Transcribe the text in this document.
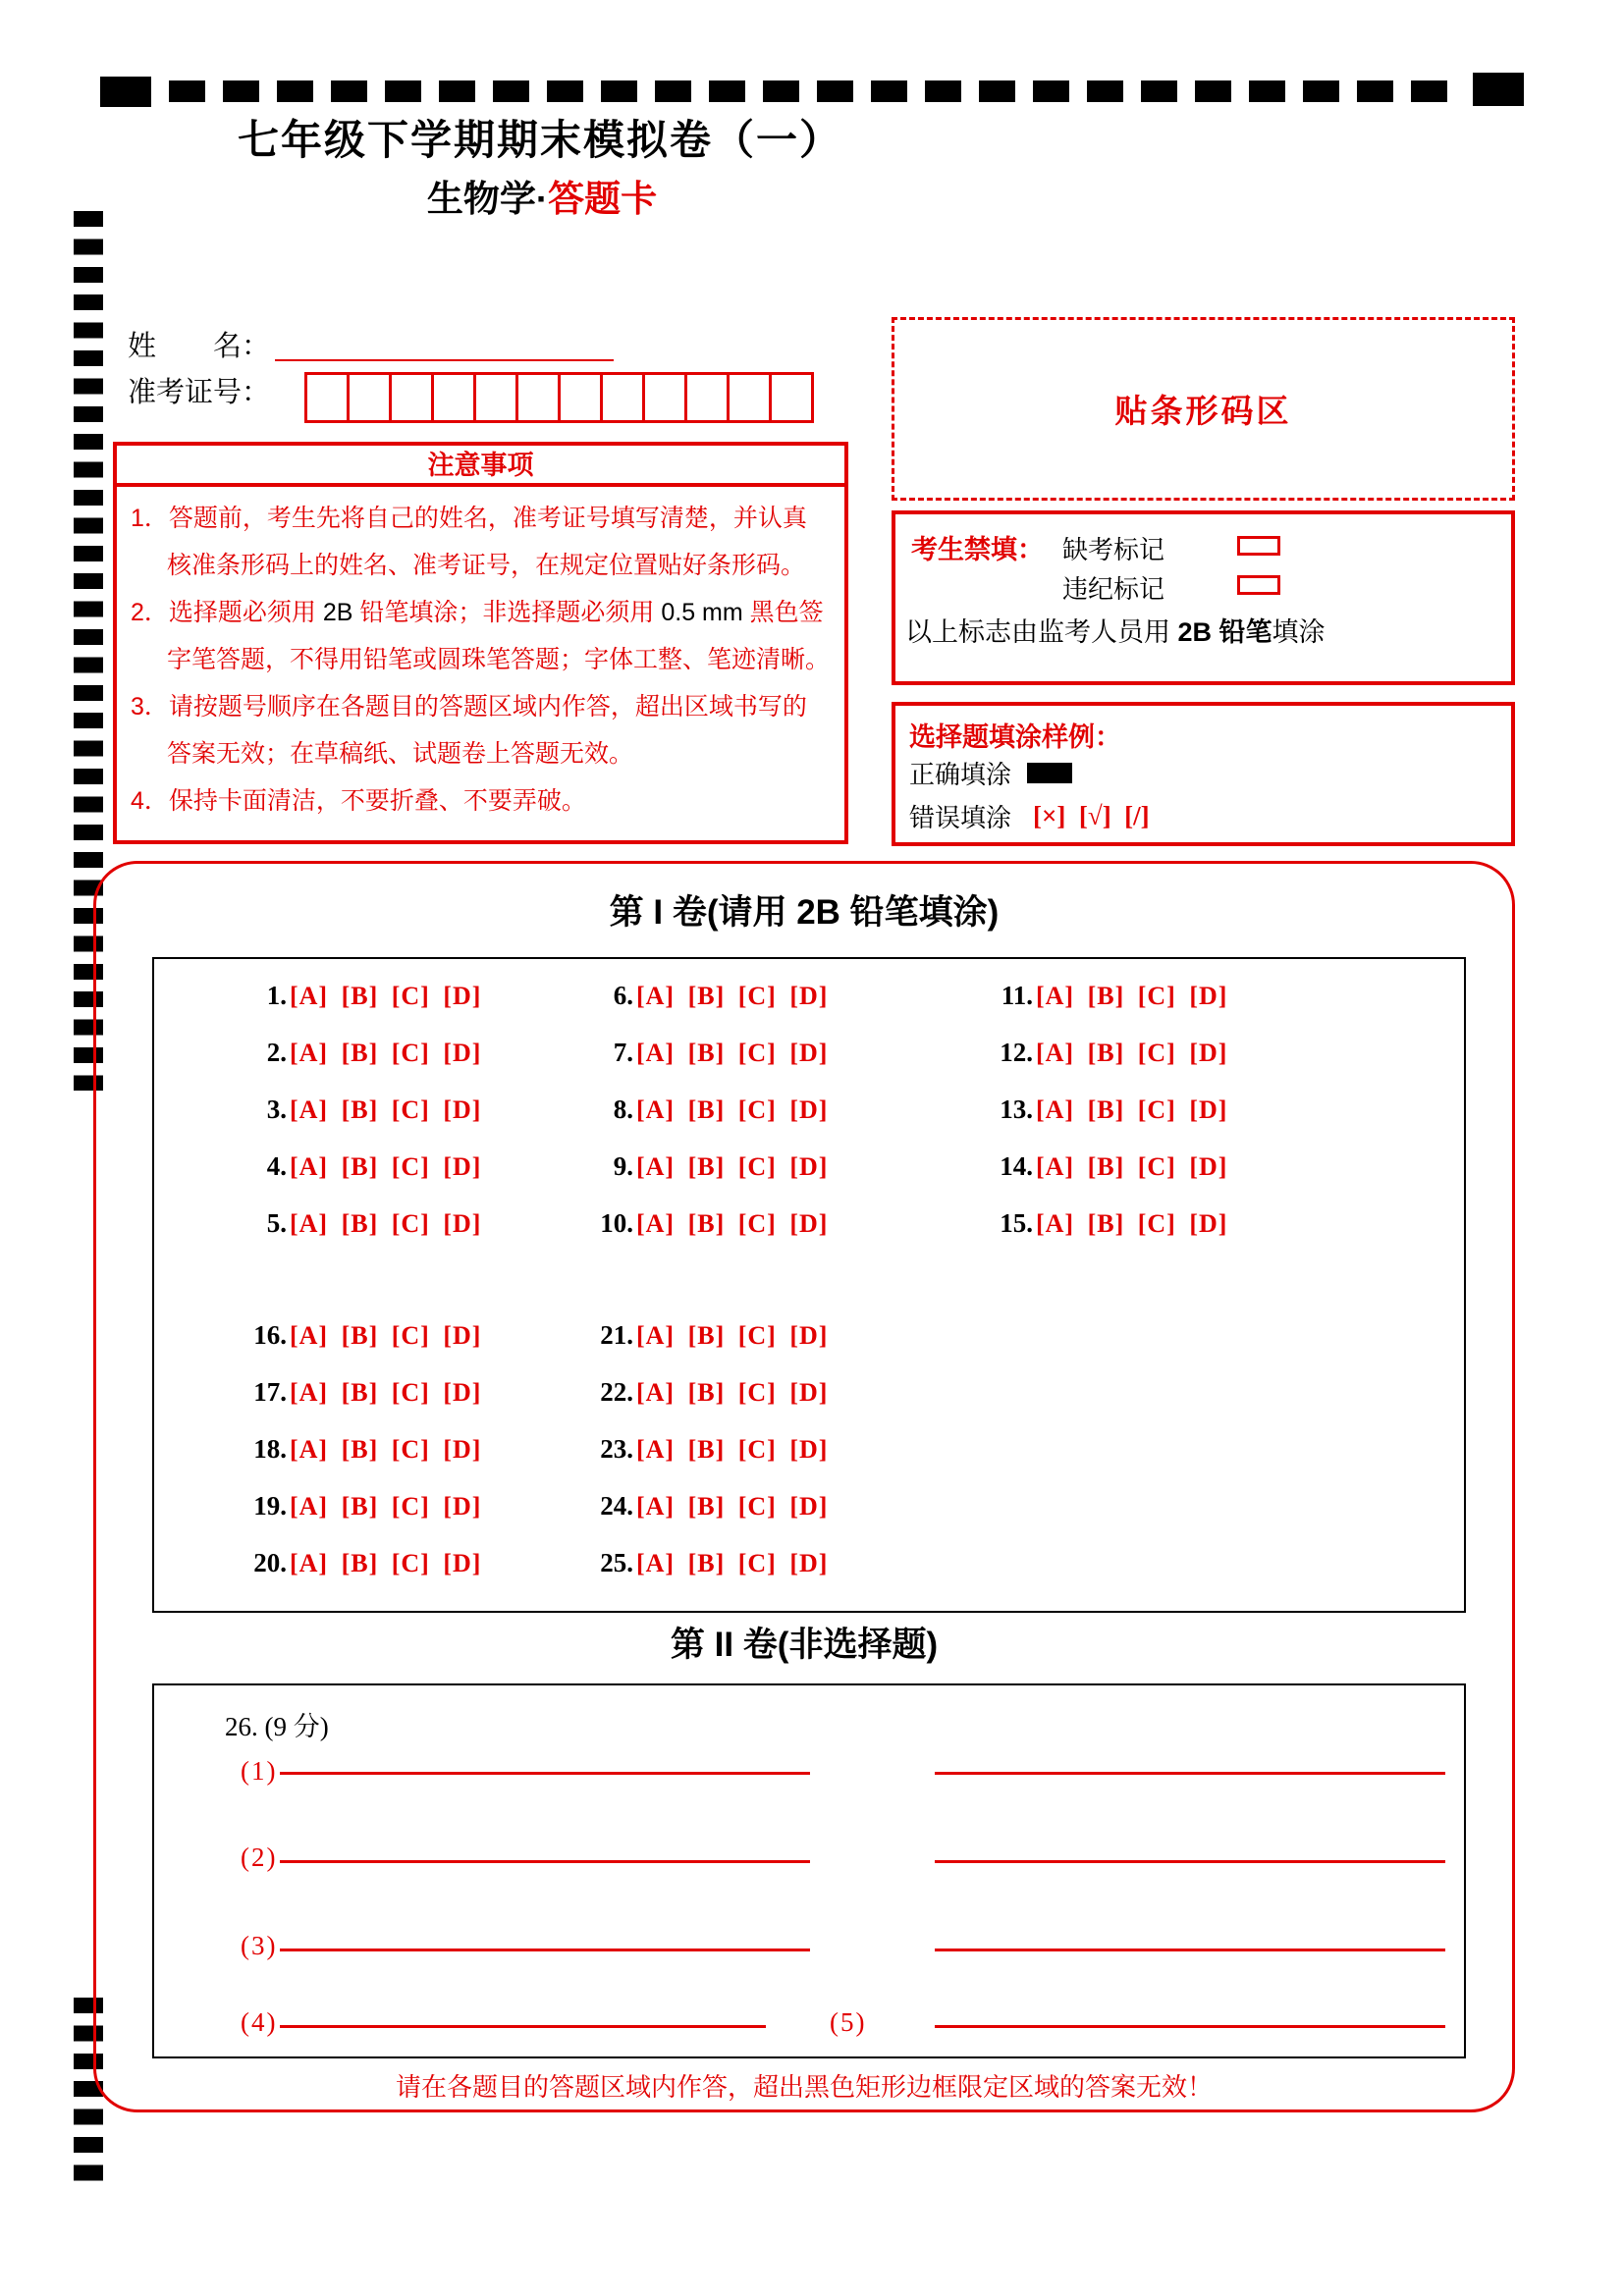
七年级下学期期末模拟卷（一）
生物学·答题卡
姓　　名：
准考证号：
注意事项
1．答题前，考生先将自己的姓名，准考证号填写清楚，并认真核准条形码上的姓名、准考证号，在规定位置贴好条形码。
2．选择题必须用 2B 铅笔填涂；非选择题必须用 0.5 mm 黑色签字笔答题，不得用铅笔或圆珠笔答题；字体工整、笔迹清晰。
3．请按题号顺序在各题目的答题区域内作答，超出区域书写的答案无效；在草稿纸、试题卷上答题无效。
4．保持卡面清洁，不要折叠、不要弄破。
贴条形码区
考生禁填： 缺考标记
违纪标记
以上标志由监考人员用 2B 铅笔填涂
选择题填涂样例：
正确填涂
错误填涂 [×]  [√]  [/]
第 I 卷(请用 2B 铅笔填涂)
1. [A] [B] [C] [D]
2. [A] [B] [C] [D]
3. [A] [B] [C] [D]
4. [A] [B] [C] [D]
5. [A] [B] [C] [D]
6. [A] [B] [C] [D]
7. [A] [B] [C] [D]
8. [A] [B] [C] [D]
9. [A] [B] [C] [D]
10. [A] [B] [C] [D]
11. [A] [B] [C] [D]
12. [A] [B] [C] [D]
13. [A] [B] [C] [D]
14. [A] [B] [C] [D]
15. [A] [B] [C] [D]
16. [A] [B] [C] [D]
17. [A] [B] [C] [D]
18. [A] [B] [C] [D]
19. [A] [B] [C] [D]
20. [A] [B] [C] [D]
21. [A] [B] [C] [D]
22. [A] [B] [C] [D]
23. [A] [B] [C] [D]
24. [A] [B] [C] [D]
25. [A] [B] [C] [D]
第 II 卷(非选择题)
26. (9 分)
(1)
(2)
(3)
(4)	(5)
请在各题目的答题区域内作答，超出黑色矩形边框限定区域的答案无效！
